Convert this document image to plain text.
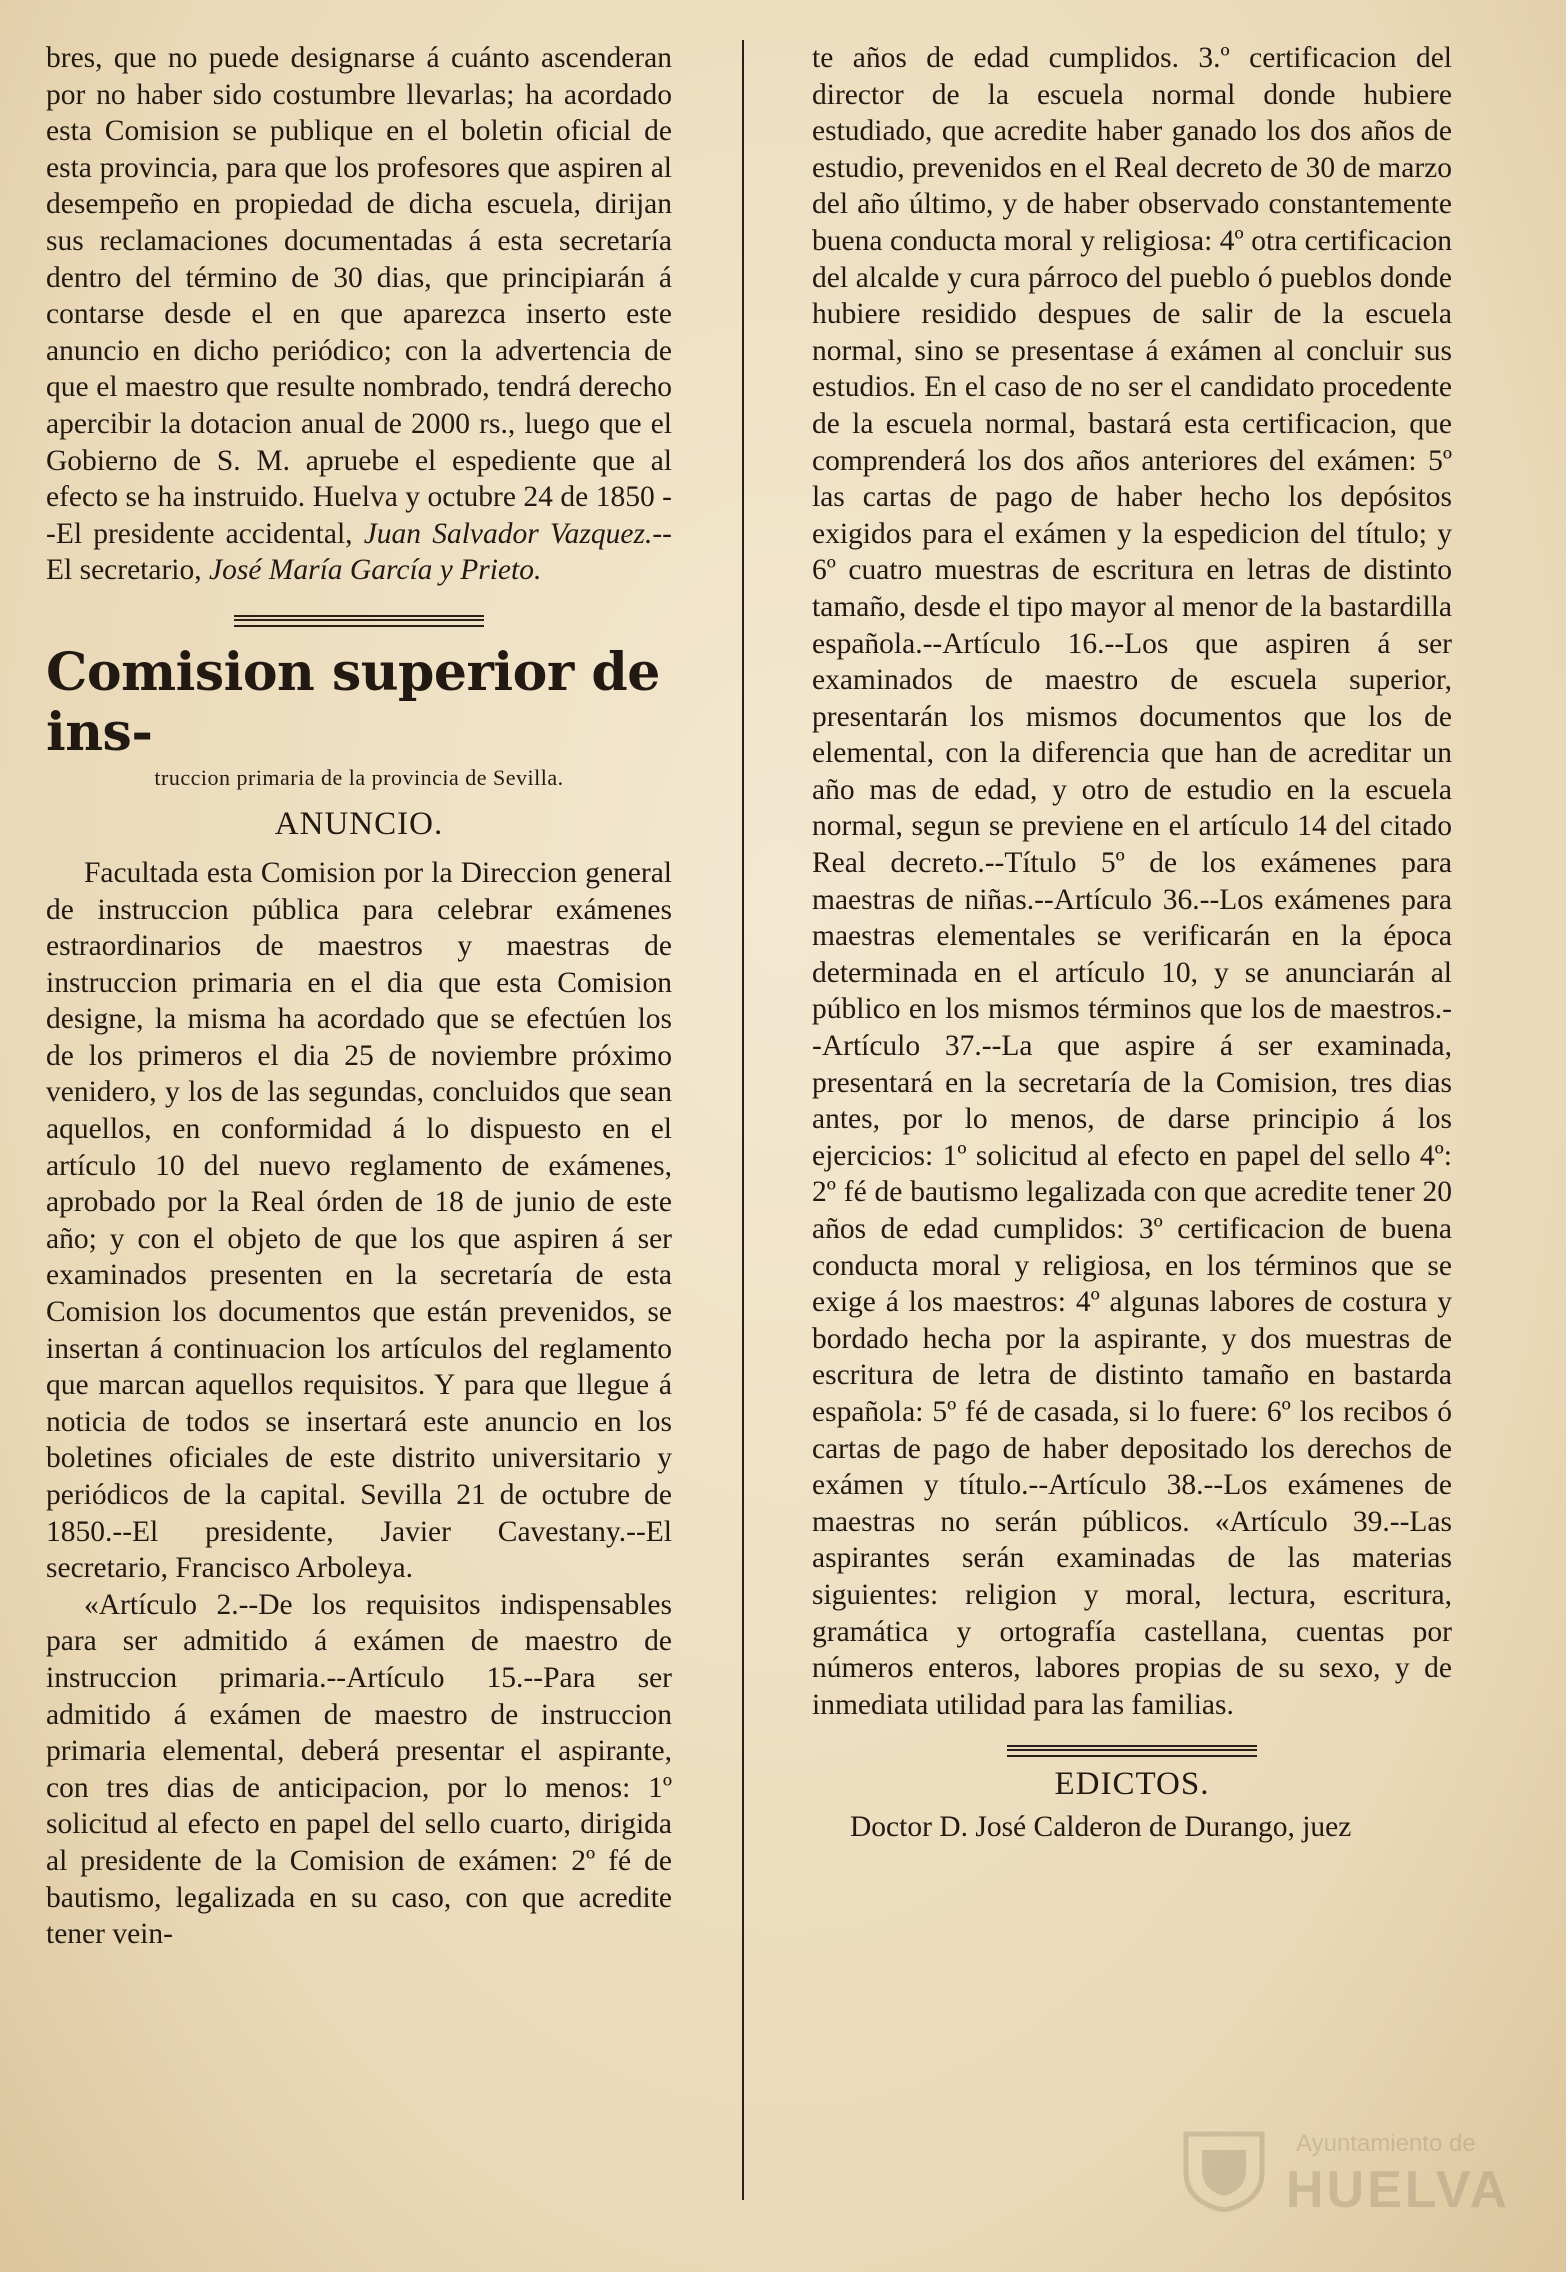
bres, que no puede designarse á cuánto ascenderan por no haber sido costumbre llevarlas; ha acordado esta Comision se publique en el boletin oficial de esta provincia, para que los profesores que aspiren al desempeño en propiedad de dicha escuela, dirijan sus reclamaciones documentadas á esta secretaría dentro del término de 30 dias, que principiarán á contarse desde el en que aparezca inserto este anuncio en dicho periódico; con la advertencia de que el maestro que resulte nombrado, tendrá derecho apercibir la dotacion anual de 2000 rs., luego que el Gobierno de S. M. apruebe el espediente que al efecto se ha instruido. Huelva y octubre 24 de 1850 --El presidente accidental, Juan Salvador Vazquez.--El secretario, José María García y Prieto.

Comision superior de ins-
truccion primaria de la provincia de Sevilla.
ANUNCIO.

Facultada esta Comision por la Direccion general de instruccion pública para celebrar exámenes estraordinarios de maestros y maestras de instruccion primaria en el dia que esta Comision designe, la misma ha acordado que se efectúen los de los primeros el dia 25 de noviembre próximo venidero, y los de las segundas, concluidos que sean aquellos, en conformidad á lo dispuesto en el artículo 10 del nuevo reglamento de exámenes, aprobado por la Real órden de 18 de junio de este año; y con el objeto de que los que aspiren á ser examinados presenten en la secretaría de esta Comision los documentos que están prevenidos, se insertan á continuacion los artículos del reglamento que marcan aquellos requisitos. Y para que llegue á noticia de todos se insertará este anuncio en los boletines oficiales de este distrito universitario y periódicos de la capital. Sevilla 21 de octubre de 1850.--El presidente, Javier Cavestany.--El secretario, Francisco Arboleya.

«Artículo 2.--De los requisitos indispensables para ser admitido á exámen de maestro de instruccion primaria.--Artículo 15.--Para ser admitido á exámen de maestro de instruccion primaria elemental, deberá presentar el aspirante, con tres dias de anticipacion, por lo menos: 1º solicitud al efecto en papel del sello cuarto, dirigida al presidente de la Comision de exámen: 2º fé de bautismo, legalizada en su caso, con que acredite tener vein-

te años de edad cumplidos. 3.º certificacion del director de la escuela normal donde hubiere estudiado, que acredite haber ganado los dos años de estudio, prevenidos en el Real decreto de 30 de marzo del año último, y de haber observado constantemente buena conducta moral y religiosa: 4º otra certificacion del alcalde y cura párroco del pueblo ó pueblos donde hubiere residido despues de salir de la escuela normal, sino se presentase á exámen al concluir sus estudios. En el caso de no ser el candidato procedente de la escuela normal, bastará esta certificacion, que comprenderá los dos años anteriores del exámen: 5º las cartas de pago de haber hecho los depósitos exigidos para el exámen y la espedicion del título; y 6º cuatro muestras de escritura en letras de distinto tamaño, desde el tipo mayor al menor de la bastardilla española.--Artículo 16.--Los que aspiren á ser examinados de maestro de escuela superior, presentarán los mismos documentos que los de elemental, con la diferencia que han de acreditar un año mas de edad, y otro de estudio en la escuela normal, segun se previene en el artículo 14 del citado Real decreto.--Título 5º de los exámenes para maestras de niñas.--Artículo 36.--Los exámenes para maestras elementales se verificarán en la época determinada en el artículo 10, y se anunciarán al público en los mismos términos que los de maestros.--Artículo 37.--La que aspire á ser examinada, presentará en la secretaría de la Comision, tres dias antes, por lo menos, de darse principio á los ejercicios: 1º solicitud al efecto en papel del sello 4º: 2º fé de bautismo legalizada con que acredite tener 20 años de edad cumplidos: 3º certificacion de buena conducta moral y religiosa, en los términos que se exige á los maestros: 4º algunas labores de costura y bordado hecha por la aspirante, y dos muestras de escritura de letra de distinto tamaño en bastarda española: 5º fé de casada, si lo fuere: 6º los recibos ó cartas de pago de haber depositado los derechos de exámen y título.--Artículo 38.--Los exámenes de maestras no serán públicos. «Artículo 39.--Las aspirantes serán examinadas de las materias siguientes: religion y moral, lectura, escritura, gramática y ortografía castellana, cuentas por números enteros, labores propias de su sexo, y de inmediata utilidad para las familias.

EDICTOS.

Doctor D. José Calderon de Durango, juez

Ayuntamiento de
HUELVA
